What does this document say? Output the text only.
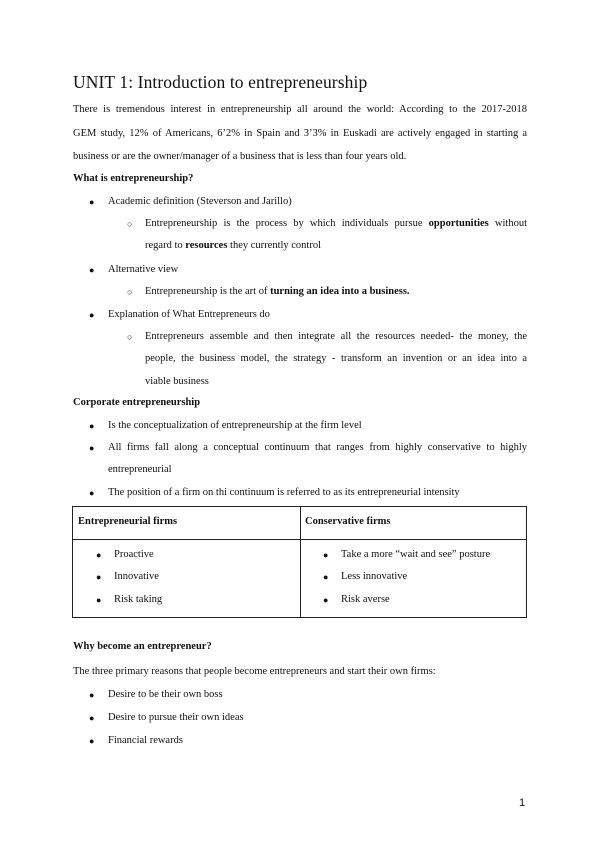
UNIT 1: Introduction to entrepreneurship
There is tremendous interest in entrepreneurship all around the world: According to the 2017-2018
GEM study, 12% of Americans, 6’2% in Spain and 3’3% in Euskadi are actively engaged in starting a
business or are the owner/manager of a business that is less than four years old.
What is entrepreneurship?
● Academic definition (Steverson and Jarillo)
○ Entrepreneurship is the process by which individuals pursue opportunities without
regard to resources they currently control
● Alternative view
○ Entrepreneurship is the art of turning an idea into a business.
● Explanation of What Entrepreneurs do
○ Entrepreneurs assemble and then integrate all the resources needed- the money, the
people, the business model, the strategy - transform an invention or an idea into a
viable business
Corporate entrepreneurship
● Is the conceptualization of entrepreneurship at the firm level
● All firms fall along a conceptual continuum that ranges from highly conservative to highly
entrepreneurial
● The position of a firm on thi continuum is referred to as its entrepreneurial intensity
Entrepreneurial firms	Conservative firms
● Proactive
● Innovative
● Risk taking
● Take a more “wait and see” posture
● Less innovative
● Risk averse
Why become an entrepreneur?
The three primary reasons that people become entrepreneurs and start their own firms:
● Desire to be their own boss
● Desire to pursue their own ideas
● Financial rewards
1
